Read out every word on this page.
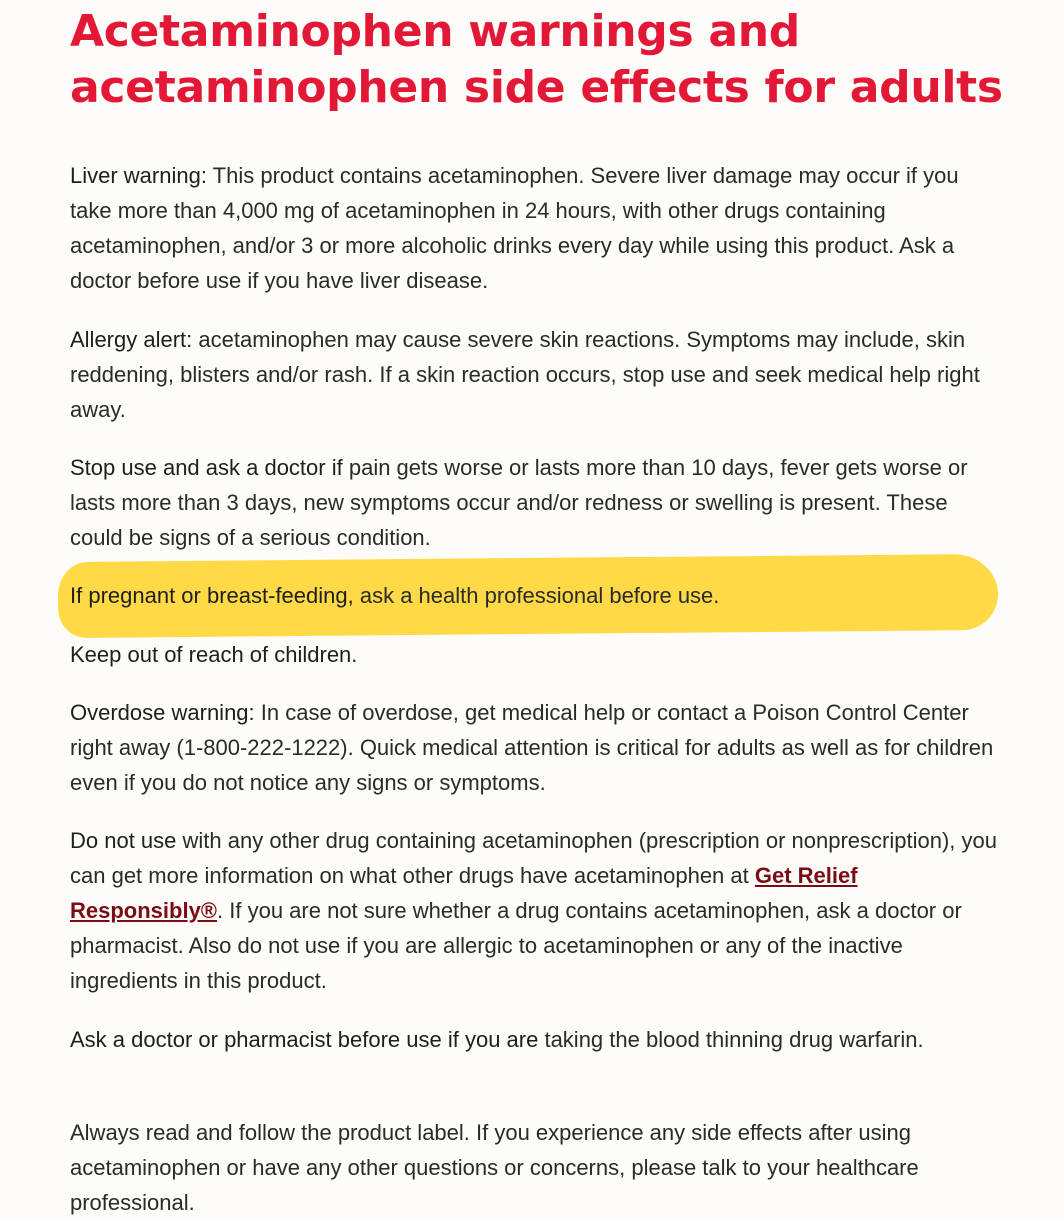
Acetaminophen warnings and acetaminophen side effects for adults

Liver warning: This product contains acetaminophen. Severe liver damage may occur if you take more than 4,000 mg of acetaminophen in 24 hours, with other drugs containing acetaminophen, and/or 3 or more alcoholic drinks every day while using this product. Ask a doctor before use if you have liver disease.

Allergy alert: acetaminophen may cause severe skin reactions. Symptoms may include, skin reddening, blisters and/or rash. If a skin reaction occurs, stop use and seek medical help right away.

Stop use and ask a doctor if pain gets worse or lasts more than 10 days, fever gets worse or lasts more than 3 days, new symptoms occur and/or redness or swelling is present. These could be signs of a serious condition.

If pregnant or breast-feeding, ask a health professional before use.

Keep out of reach of children.

Overdose warning: In case of overdose, get medical help or contact a Poison Control Center right away (1-800-222-1222). Quick medical attention is critical for adults as well as for children even if you do not notice any signs or symptoms.

Do not use with any other drug containing acetaminophen (prescription or nonprescription), you can get more information on what other drugs have acetaminophen at Get Relief Responsibly®. If you are not sure whether a drug contains acetaminophen, ask a doctor or pharmacist. Also do not use if you are allergic to acetaminophen or any of the inactive ingredients in this product.

Ask a doctor or pharmacist before use if you are taking the blood thinning drug warfarin.

Always read and follow the product label. If you experience any side effects after using acetaminophen or have any other questions or concerns, please talk to your healthcare professional.
